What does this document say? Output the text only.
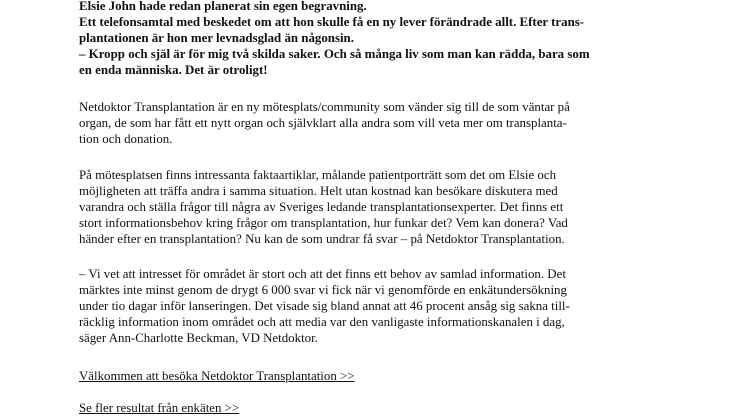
Elsie John hade redan planerat sin egen begravning.

Ett telefonsamtal med beskedet om att hon skulle få en ny lever förändrade allt. Efter trans-

plantationen är hon mer levnadsglad än någonsin.

– Kropp och själ är för mig två skilda saker. Och så många liv som man kan rädda, bara som

en enda människa. Det är otroligt!

Netdoktor Transplantation är en ny mötesplats/community som vänder sig till de som väntar på

organ, de som har fått ett nytt organ och självklart alla andra som vill veta mer om transplanta-

tion och donation.

På mötesplatsen finns intressanta faktaartiklar, målande patientporträtt som det om Elsie och

möjligheten att träffa andra i samma situation. Helt utan kostnad kan besökare diskutera med

varandra och ställa frågor till några av Sveriges ledande transplantationsexperter. Det finns ett

stort informationsbehov kring frågor om transplantation, hur funkar det? Vem kan donera? Vad

händer efter en transplantation? Nu kan de som undrar få svar – på Netdoktor Transplantation.

– Vi vet att intresset för området är stort och att det finns ett behov av samlad information. Det

märktes inte minst genom de drygt 6 000 svar vi fick när vi genomförde en enkätundersökning

under tio dagar inför lanseringen. Det visade sig bland annat att 46 procent ansåg sig sakna till-

räcklig information inom området och att media var den vanligaste informationskanalen i dag,

säger Ann-Charlotte Beckman, VD Netdoktor.

Välkommen att besöka Netdoktor Transplantation >>
Se fler resultat från enkäten >>
